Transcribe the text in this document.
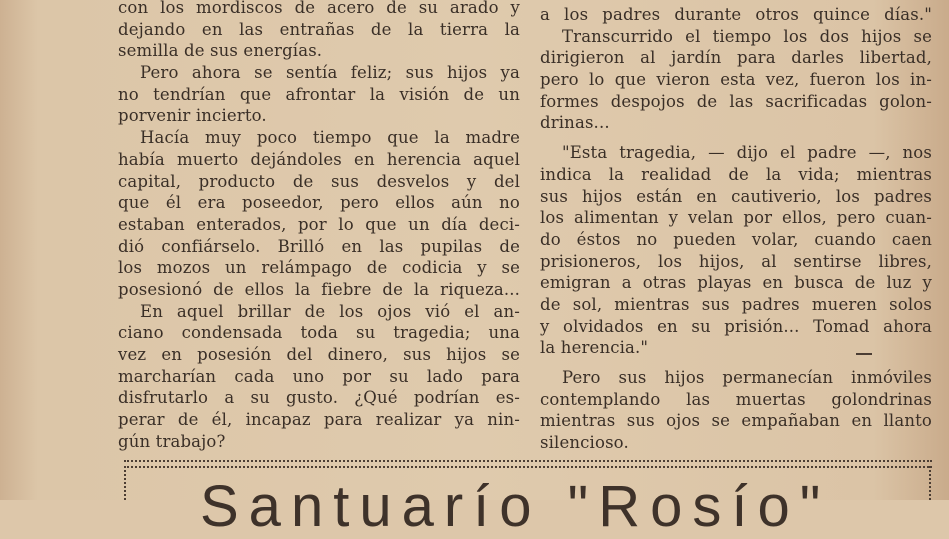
con los mordiscos de acero de su arado y
dejando en las entrañas de la tierra la
semilla de sus energías.
Pero ahora se sentía feliz; sus hijos ya
no tendrían que afrontar la visión de un
porvenir incierto.
Hacía muy poco tiempo que la madre
había muerto dejándoles en herencia aquel
capital, producto de sus desvelos y del
que él era poseedor, pero ellos aún no
estaban enterados, por lo que un día deci-
dió confiárselo. Brilló en las pupilas de
los mozos un relámpago de codicia y se
posesionó de ellos la fiebre de la riqueza...
En aquel brillar de los ojos vió el an-
ciano condensada toda su tragedia; una
vez en posesión del dinero, sus hijos se
marcharían cada uno por su lado para
disfrutarlo a su gusto. ¿Qué podrían es-
perar de él, incapaz para realizar ya nin-
gún trabajo?
a los padres durante otros quince días."
Transcurrido el tiempo los dos hijos se
dirigieron al jardín para darles libertad,
pero lo que vieron esta vez, fueron los in-
formes despojos de las sacrificadas golon-
drinas...
"Esta tragedia, — dijo el padre —, nos
indica la realidad de la vida; mientras
sus hijos están en cautiverio, los padres
los alimentan y velan por ellos, pero cuan-
do éstos no pueden volar, cuando caen
prisioneros, los hijos, al sentirse libres,
emigran a otras playas en busca de luz y
de sol, mientras sus padres mueren solos
y olvidados en su prisión... Tomad ahora
la herencia."
Pero sus hijos permanecían inmóviles
contemplando las muertas golondrinas
mientras sus ojos se empañaban en llanto
silencioso.
Santuarío "Rosío"
